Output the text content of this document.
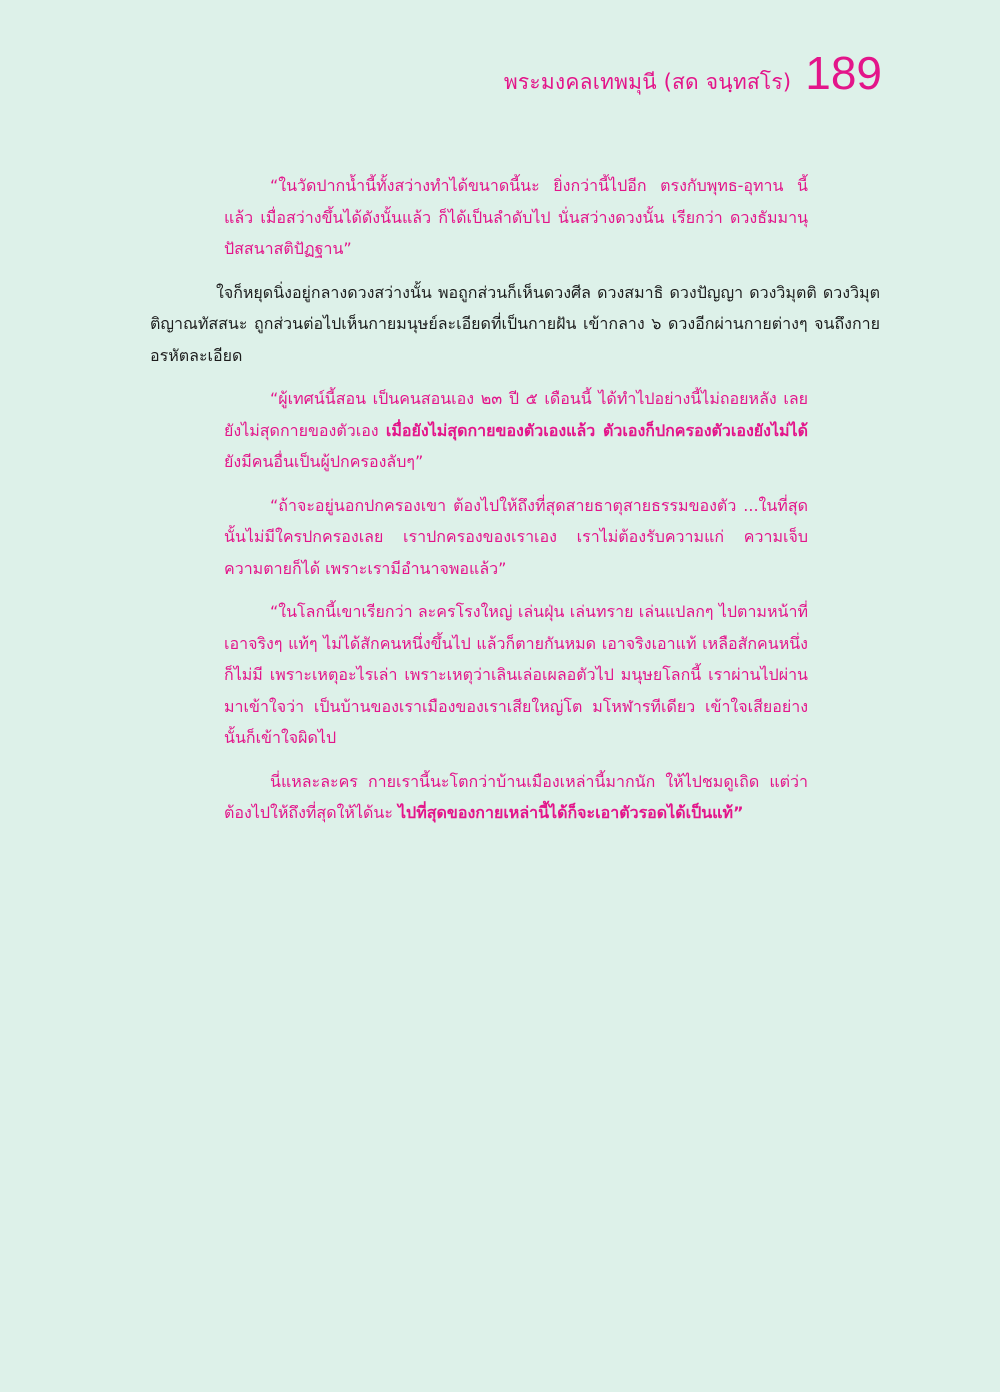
พระมงคลเทพมุนี (สด จนฺทสโร) 189

“ในวัดปากน้ำนี้ทั้งสว่างทำได้ขนาดนี้นะ ยิ่งกว่านี้ไปอีก ตรงกับพุทธ-อุทาน นี้แล้ว เมื่อสว่างขึ้นได้ดังนั้นแล้ว ก็ได้เป็นลำดับไป นั่นสว่างดวงนั้น เรียกว่า ดวงธัมมานุปัสสนาสติปัฏฐาน”

ใจก็หยุดนิ่งอยู่กลางดวงสว่างนั้น พอถูกส่วนก็เห็นดวงศีล ดวงสมาธิ ดวงปัญญา ดวงวิมุตติ ดวงวิมุตติญาณทัสสนะ ถูกส่วนต่อไปเห็นกายมนุษย์ละเอียดที่เป็นกายฝัน เข้ากลาง ๖ ดวงอีกผ่านกายต่างๆ จนถึงกายอรหัตละเอียด

“ผู้เทศน์นี้สอน เป็นคนสอนเอง ๒๓ ปี ๕ เดือนนี้ ได้ทำไปอย่างนี้ไม่ถอยหลัง เลย ยังไม่สุดกายของตัวเอง เมื่อยังไม่สุดกายของตัวเองแล้ว ตัวเองก็ปกครองตัวเองยังไม่ได้ ยังมีคนอื่นเป็นผู้ปกครองลับๆ”

“ถ้าจะอยู่นอกปกครองเขา ต้องไปให้ถึงที่สุดสายธาตุสายธรรมของตัว ...ในที่สุดนั้นไม่มีใครปกครองเลย เราปกครองของเราเอง เราไม่ต้องรับความแก่ ความเจ็บ ความตายก็ได้ เพราะเรามีอำนาจพอแล้ว”

“ในโลกนี้เขาเรียกว่า ละครโรงใหญ่ เล่นฝุ่น เล่นทราย เล่นแปลกๆ ไปตามหน้าที่ เอาจริงๆ แท้ๆ ไม่ได้สักคนหนึ่งขึ้นไป แล้วก็ตายกันหมด เอาจริงเอาแท้ เหลือสักคนหนึ่งก็ไม่มี เพราะเหตุอะไรเล่า เพราะเหตุว่าเลินเล่อเผลอตัวไป มนุษยโลกนี้ เราผ่านไปผ่านมาเข้าใจว่า เป็นบ้านของเราเมืองของเราเสียใหญ่โต มโหฬารทีเดียว เข้าใจเสียอย่างนั้นก็เข้าใจผิดไป

นี่แหละละคร กายเรานี้นะโตกว่าบ้านเมืองเหล่านี้มากนัก ให้ไปชมดูเถิด แต่ว่าต้องไปให้ถึงที่สุดให้ได้นะ ไปที่สุดของกายเหล่านี้ได้ก็จะเอาตัวรอดได้เป็นแท้”
